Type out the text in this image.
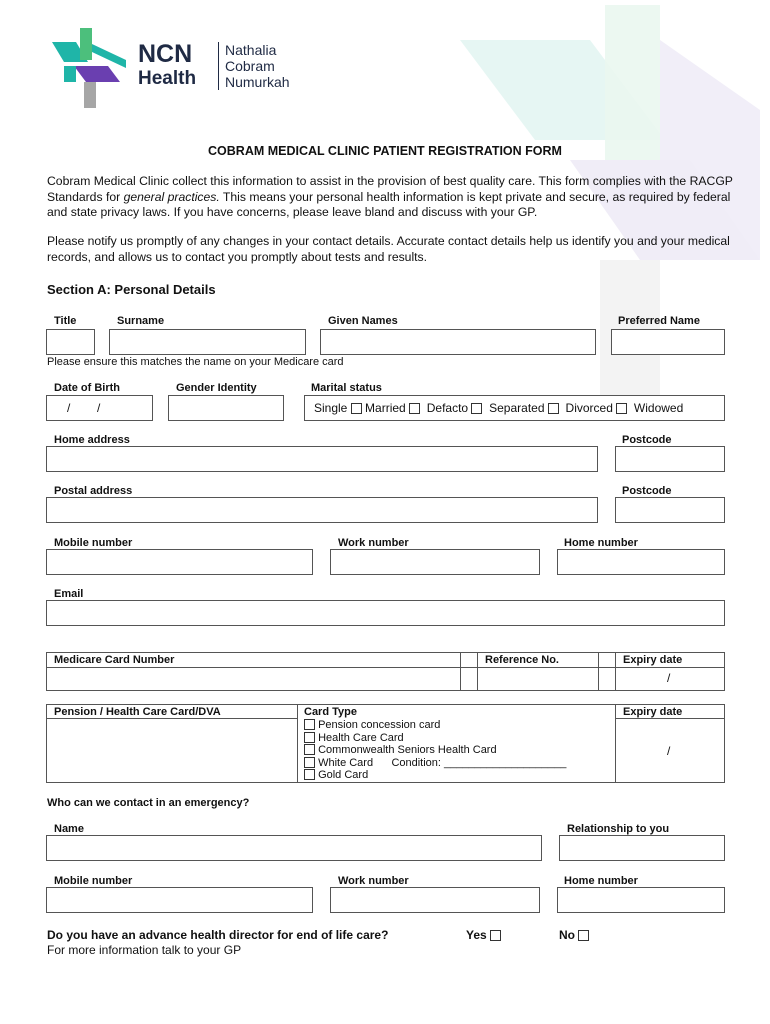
NCN
Health
Nathalia
Cobram
Numurkah
COBRAM MEDICAL CLINIC PATIENT REGISTRATION FORM
Cobram Medical Clinic collect this information to assist in the provision of best quality care. This form complies with the RACGP Standards for general practices. This means your personal health information is kept private and secure, as required by federal and state privacy laws. If you have concerns, please leave bland and discuss with your GP.
Please notify us promptly of any changes in your contact details. Accurate contact details help us identify you and your medical records, and allows us to contact you promptly about tests and results.
Section A: Personal Details
Title	Surname	Given Names	Preferred Name
Please ensure this matches the name on your Medicare card
Date of Birth	Gender Identity	Marital status
/ /	Single Married Defacto Separated Divorced Widowed
Home address	Postcode
Postal address	Postcode
Mobile number	Work number	Home number
Email
Medicare Card Number	Reference No.	Expiry date
/
Pension / Health Care Card/DVA	Card Type	Expiry date
Pension concession card
Health Care Card
Commonwealth Seniors Health Card
White Card Condition: ____________________
Gold Card
/
Who can we contact in an emergency?
Name	Relationship to you
Mobile number	Work number	Home number
Do you have an advance health director for end of life care?	Yes	No
For more information talk to your GP
